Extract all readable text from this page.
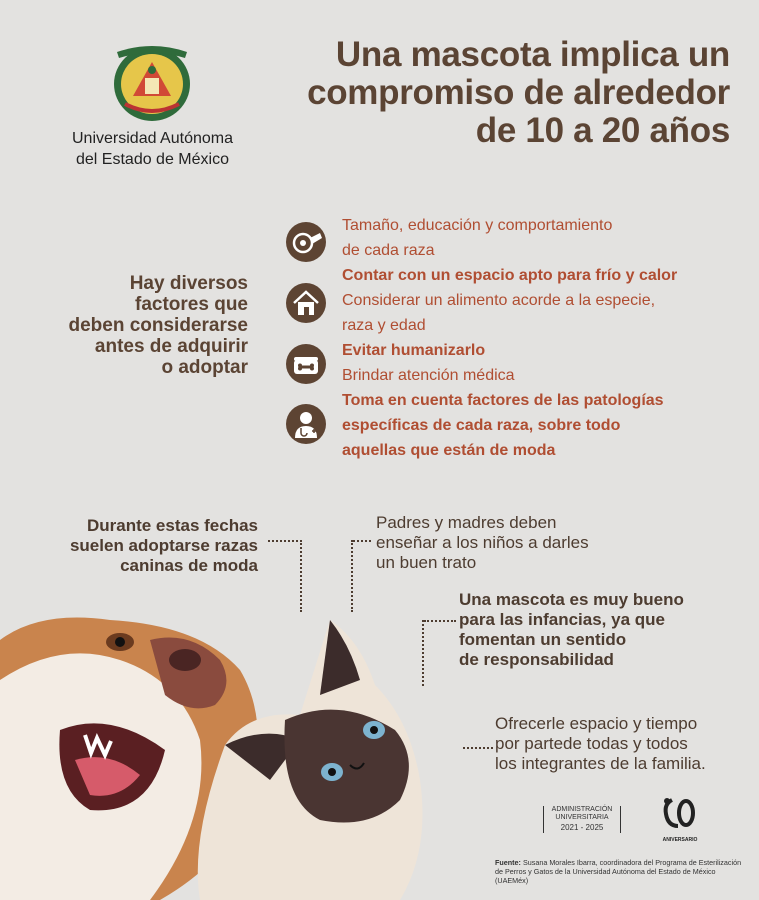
Universidad Autónoma
del Estado de México
Una mascota implica un
compromiso de alrededor
de 10 a 20 años
Hay diversos
factores que
deben considerarse
antes de adquirir
o adoptar
Tamaño, educación y comportamiento
de cada raza
Contar con un espacio apto para frío y calor
Considerar un alimento acorde a la especie,
raza y edad
Evitar humanizarlo
Brindar atención médica
Toma en cuenta factores de las patologías
específicas de cada raza, sobre todo
aquellas que están de moda
Durante estas fechas
suelen adoptarse razas
caninas de moda
Padres y madres deben
enseñar a los niños a darles
un buen trato
Una mascota es muy bueno
para las infancias, ya que
fomentan un sentido
de responsabilidad
Ofrecerle espacio y tiempo
por partede todas y todos
los integrantes de la familia.
ADMINISTRACIÓN
UNIVERSITARIA
2021 - 2025
ANIVERSARIO
Fuente: Susana Morales Ibarra, coordinadora del Programa de Esterilización de Perros y Gatos de la Universidad Autónoma del Estado de México (UAEMéx)
